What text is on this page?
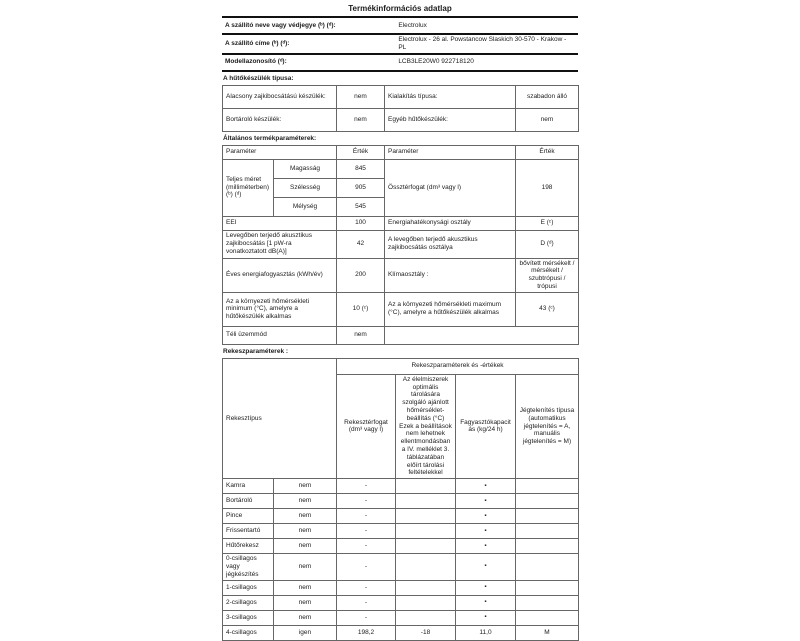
Termékinformációs adatlap
A szállító neve vagy védjegye (ᵇ) (ᵈ):	Electrolux
A szállító címe (ᵇ) (ᵈ):	Electrolux - 26 al. Powstancow Slaskich 30-570 - Krakow - PL
Modellazonosító (ᵈ):	LCB3LE20W0 922718120
A hűtőkészülék típusa:
Alacsony zajkibocsátású készülék:	nem	Kialakítás típusa:	szabadon álló
Bortároló készülék:	nem	Egyéb hűtőkészülék:	nem
Általános termékparaméterek:
Paraméter		Érték	Paraméter	Érték
Teljes méret (milliméterben) (ᵇ) (ᵈ)	Magasság	845	Össztérfogat (dm³ vagy l)	198
	Szélesség	905		
	Mélység	545		
EEI		100	Energiahatékonysági osztály	E (ᶜ)
Levegőben terjedő akusztikus zajkibocsátás [1 pW-ra vonatkoztatott dB(A)]		42	A levegőben terjedő akusztikus zajkibocsátás osztálya	D (ᵈ)
Éves energiafogyasztás (kWh/év)		200	Klímaosztály :	bővített mérsékelt / mérsékelt / szubtrópusi / trópusi
Az a környezeti hőmérsékleti minimum (°C), amelyre a hűtőkészülék alkalmas		10 (ᶜ)	Az a környezeti hőmérsékleti maximum (°C), amelyre a hűtőkészülék alkalmas	43 (ᶜ)
Téli üzemmód		nem		
Rekeszparaméterek :
Rekesztípus		Rekeszparaméterek és -értékek			
		Rekesztérfogat (dm³ vagy l)	Az élelmiszerek optimális tárolására szolgáló ajánlott hőmérséklet-beállítás (°C) Ezek a beállítások nem lehetnek ellentmondásban a IV. melléklet 3. táblázatában előírt tárolási feltételekkel	Fagyasztókapacitás (kg/24 h)	Jégtelenítés típusa (automatikus jégtelenítés = A, manuális jégtelenítés = M)
Kamra	nem	-		▪	
Bortároló	nem	-		▪	
Pince	nem	-		▪	
Frissentartó	nem	-		▪	
Hűtőrekesz	nem	-		▪	
0-csillagos vagy jégkészítés	nem	-		▪	
1-csillagos	nem	-		▪	
2-csillagos	nem	-		▪	
3-csillagos	nem	-		▪	
4-csillagos	igen	198,2	-18	11,0	M
